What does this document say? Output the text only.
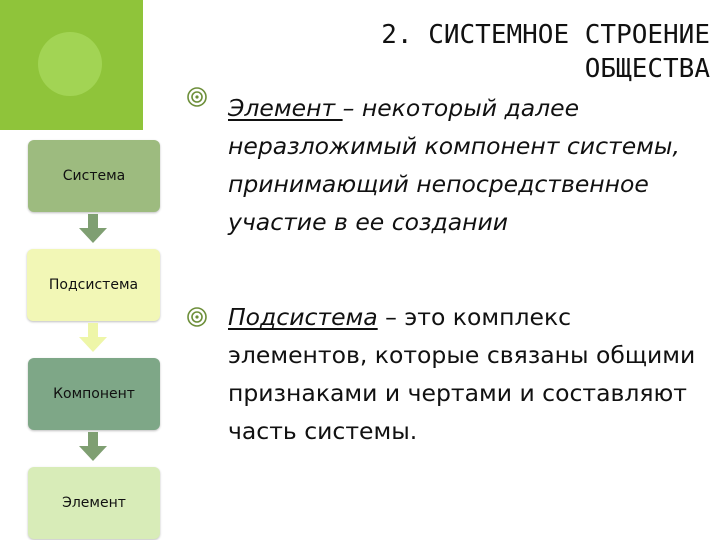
2. СИСТЕМНОЕ СТРОЕНИЕ
ОБЩЕСТВА
Система
Подсистема
Компонент
Элемент
Элемент – некоторый далее неразложимый компонент системы, принимающий непосредственное участие в ее создании
Подсистема – это комплекс элементов, которые связаны общими признаками и чертами и составляют часть системы.
